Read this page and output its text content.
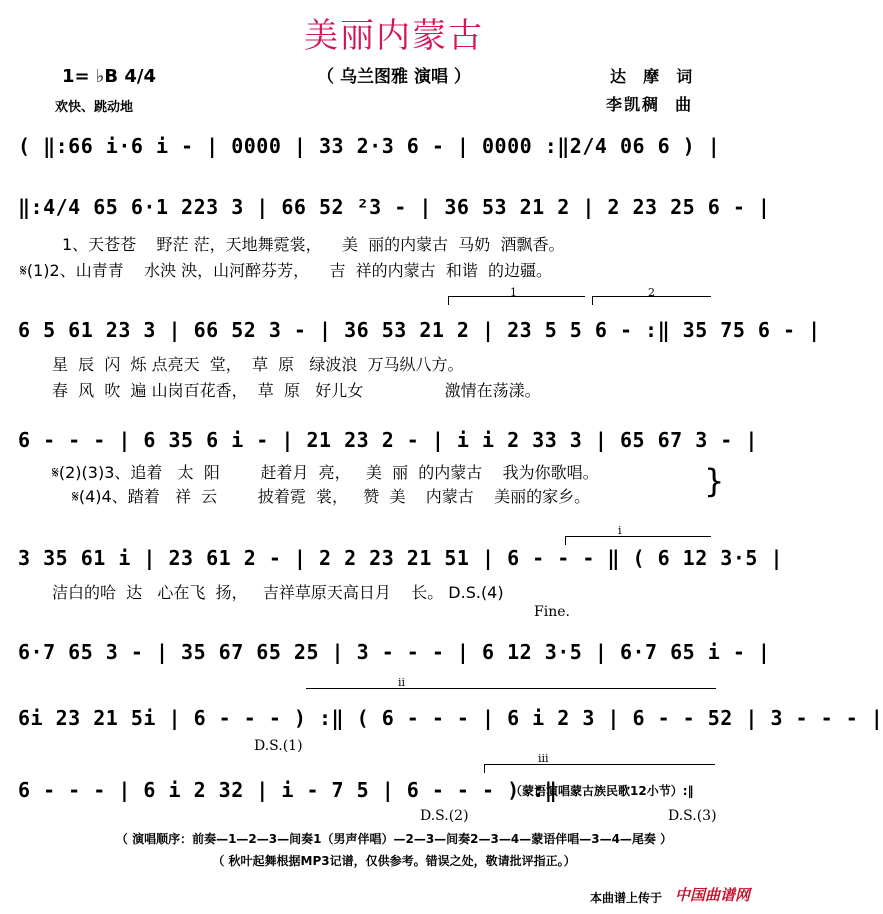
美丽内蒙古
（ 乌兰图雅 演唱 ）
1= ♭B 4/4
欢快、跳动地
达  摩  词
李凯稠  曲
( ‖:66 i·6 i - | 0000 | 33 2·3 6 - | 0000 :‖2/4 06 6 ) |
‖:4/4 65 6·1 223 3 | 66 52 ²3 - | 36 53 21 2 | 2 23 25 6 - |
1、天苍苍    野茫 茫，天地舞霓裳，    美  丽的内蒙古  马奶  酒飘香。
𝄋(1)2、山青青    水泱 泱，山河醉芬芳，    吉  祥的内蒙古  和谐  的边疆。
1	2
6 5 61 23 3 | 66 52 3 - | 36 53 21 2 | 23 5 5 6 - :‖ 35 75 6 - |
星  辰  闪  烁 点亮天  堂，  草  原   绿波浪  万马纵八方。
春  风  吹  遍 山岗百花香，  草  原   好儿女                激情在荡漾。
6 - - - | 6 35 6 i - | 21 23 2 - | i i 2 33 3 | 65 67 3 - |
𝄋(2)(3)3、追着   太  阳        赶着月  亮，   美  丽  的内蒙古    我为你歌唱。
𝄋(4)4、踏着   祥  云        披着霓  裳，   赞  美    内蒙古    美丽的家乡。	}
i
3 35 61 i | 23 61 2 - | 2 2 23 21 51 | 6 - - - ‖ ( 6 12 3·5 |
洁白的哈  达   心在飞  扬，   吉祥草原天高日月    长。 D.S.(4)
Fine.
6·7 65 3 - | 35 67 65 25 | 3 - - - | 6 12 3·5 | 6·7 65 i - |
ii
6i 23 21 5i | 6 - - - ) :‖ ( 6 - - - | 6 i 2 3 | 6 - - 52 | 3 - - - |
D.S.(1)
iii
6 - - - | 6 i 2 32 | i - 7 5 | 6 - - - ) :‖
（蒙语演唱蒙古族民歌12小节）:‖
D.S.(2)	D.S.(3)
（ 演唱顺序：前奏—1—2—3—间奏1（男声伴唱）—2—3—间奏2—3—4—蒙语伴唱—3—4—尾奏 ）
（ 秋叶起舞根据MP3记谱，仅供参考。错误之处，敬请批评指正。）
本曲谱上传于 中国曲谱网
